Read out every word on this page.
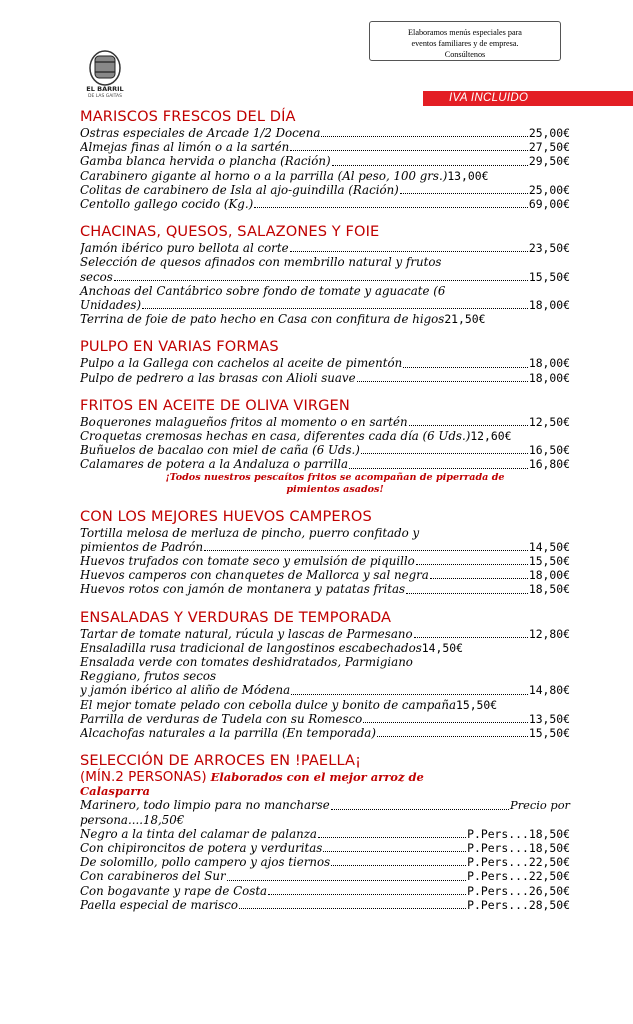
EL BARRIL
DE LAS GAITAS
Elaboramos menús especiales para
eventos familiares y de empresa.
Consúltenos
IVA INCLUIDO
MARISCOS FRESCOS DEL DÍA
Ostras especiales de Arcade 1/2 Docena	25,00€
Almejas finas al limón o a la sartén	27,50€
Gamba blanca hervida o plancha (Ración)	29,50€
Carabinero gigante al horno o a la parrilla (Al peso, 100 grs.) 13,00€
Colitas de carabinero de Isla al ajo-guindilla (Ración)	25,00€
Centollo gallego cocido (Kg.)	69,00€
CHACINAS, QUESOS, SALAZONES Y FOIE
Jamón ibérico puro bellota al corte	23,50€
Selección de quesos afinados con membrillo natural y frutos
secos	15,50€
Anchoas del Cantábrico sobre fondo de tomate y aguacate (6
Unidades)	18,00€
Terrina de foie de pato hecho en Casa con confitura de higos 21,50€
PULPO EN VARIAS FORMAS
Pulpo a la Gallega con cachelos al aceite de pimentón	18,00€
Pulpo de pedrero a las brasas con Alioli suave	18,00€
FRITOS EN ACEITE DE OLIVA VIRGEN
Boquerones malagueños fritos al momento o en sartén	12,50€
Croquetas cremosas hechas en casa, diferentes cada día (6 Uds.) 12,60€
Buñuelos de bacalao con miel de caña (6 Uds.)	16,50€
Calamares de potera a la Andaluza o parrilla	16,80€
¡Todos nuestros pescaítos fritos se acompañan de piperrada de
pimientos asados!
CON LOS MEJORES HUEVOS CAMPEROS
Tortilla melosa de merluza de pincho, puerro confitado y
pimientos de Padrón	14,50€
Huevos trufados con tomate seco y emulsión de piquillo	15,50€
Huevos camperos con chanquetes de Mallorca y sal negra	18,00€
Huevos rotos con jamón de montanera y patatas fritas	18,50€
ENSALADAS Y VERDURAS DE TEMPORADA
Tartar de tomate natural, rúcula y lascas de Parmesano	12,80€
Ensaladilla rusa tradicional de langostinos escabechados 14,50€
Ensalada verde con tomates deshidratados, Parmigiano
Reggiano, frutos secos
y jamón ibérico al aliño de Módena	14,80€
El mejor tomate pelado con cebolla dulce y bonito de campaña 15,50€
Parrilla de verduras de Tudela con su Romesco	13,50€
Alcachofas naturales a la parrilla (En temporada)	15,50€
SELECCIÓN DE ARROCES EN !PAELLA¡
(MÍN.2 PERSONAS) Elaborados con el mejor arroz de
Calasparra
Marinero, todo limpio para no mancharse	Precio por
persona....18,50€
Negro a la tinta del calamar de palanza	P.Pers...18,50€
Con chipironcitos de potera y verduritas	P.Pers...18,50€
De solomillo, pollo campero y ajos tiernos	P.Pers...22,50€
Con carabineros del Sur	P.Pers...22,50€
Con bogavante y rape de Costa	P.Pers...26,50€
Paella especial de marisco	P.Pers...28,50€
